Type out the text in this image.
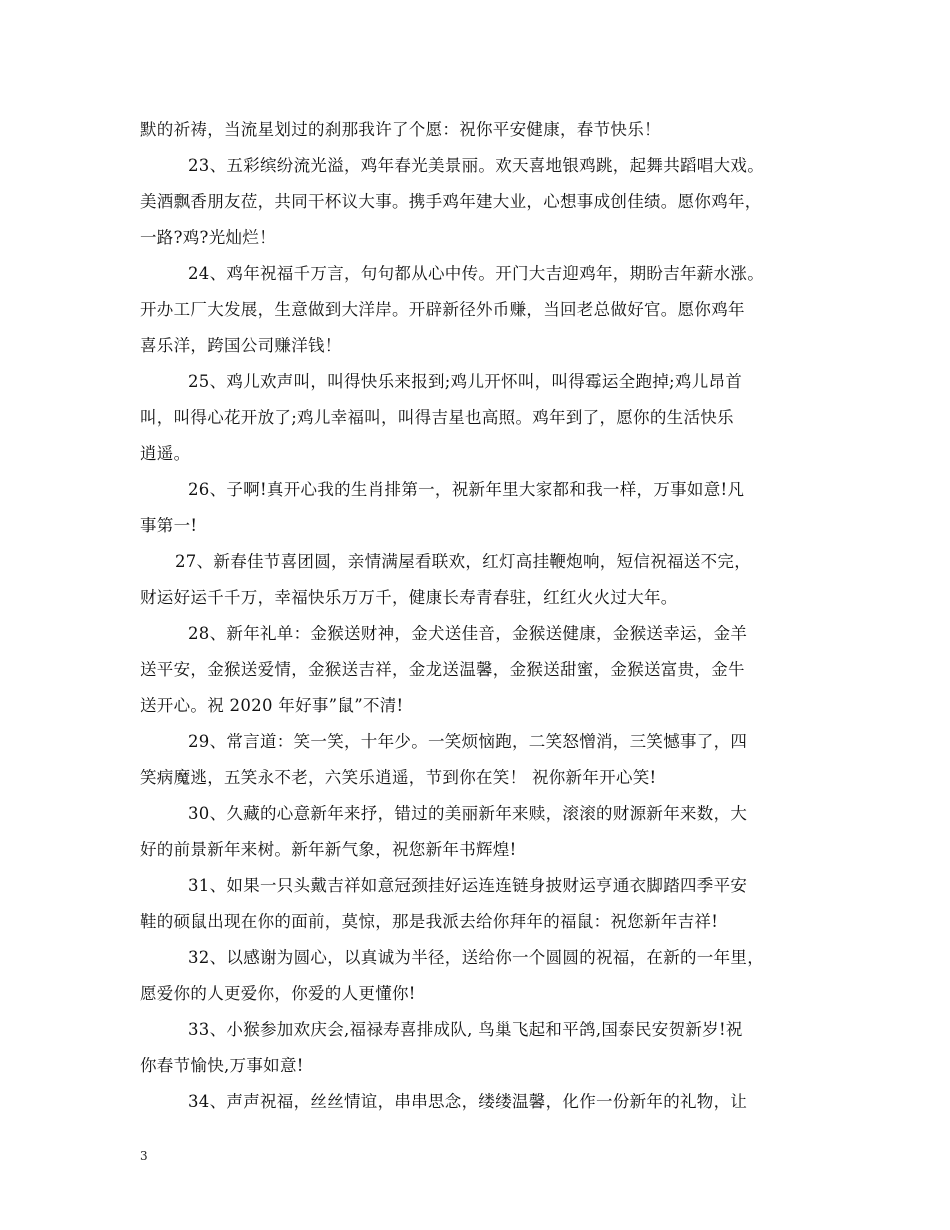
默的祈祷，当流星划过的刹那我许了个愿：祝你平安健康，春节快乐！
23、五彩缤纷流光溢，鸡年春光美景丽。欢天喜地银鸡跳，起舞共蹈唱大戏。
美酒飘香朋友莅，共同干杯议大事。携手鸡年建大业，心想事成创佳绩。愿你鸡年，
一路?鸡?光灿烂！
24、鸡年祝福千万言，句句都从心中传。开门大吉迎鸡年，期盼吉年薪水涨。
开办工厂大发展，生意做到大洋岸。开辟新径外币赚，当回老总做好官。愿你鸡年
喜乐洋，跨国公司赚洋钱！
25、鸡儿欢声叫，叫得快乐来报到;鸡儿开怀叫，叫得霉运全跑掉;鸡儿昂首
叫，叫得心花开放了;鸡儿幸福叫，叫得吉星也高照。鸡年到了，愿你的生活快乐
逍遥。
26、子啊!真开心我的生肖排第一，祝新年里大家都和我一样，万事如意!凡
事第一!
27、新春佳节喜团圆，亲情满屋看联欢，红灯高挂鞭炮响，短信祝福送不完，
财运好运千千万，幸福快乐万万千，健康长寿青春驻，红红火火过大年。
28、新年礼单：金猴送财神，金犬送佳音，金猴送健康，金猴送幸运，金羊
送平安，金猴送爱情，金猴送吉祥，金龙送温馨，金猴送甜蜜，金猴送富贵，金牛
送开心。祝 2020 年好事”鼠”不清!
29、常言道：笑一笑，十年少。一笑烦恼跑，二笑怒憎消，三笑憾事了，四
笑病魔逃，五笑永不老，六笑乐逍遥，节到你在笑！ 祝你新年开心笑!
30、久藏的心意新年来抒，错过的美丽新年来赎，滚滚的财源新年来数，大
好的前景新年来树。新年新气象，祝您新年书辉煌!
31、如果一只头戴吉祥如意冠颈挂好运连连链身披财运亨通衣脚踏四季平安
鞋的硕鼠出现在你的面前，莫惊，那是我派去给你拜年的福鼠：祝您新年吉祥!
32、以感谢为圆心，以真诚为半径，送给你一个圆圆的祝福，在新的一年里，
愿爱你的人更爱你，你爱的人更懂你!
33、小猴参加欢庆会,福禄寿喜排成队, 鸟巢飞起和平鸽,国泰民安贺新岁!祝
你春节愉快,万事如意!
34、声声祝福，丝丝情谊，串串思念，缕缕温馨，化作一份新年的礼物，让
3
